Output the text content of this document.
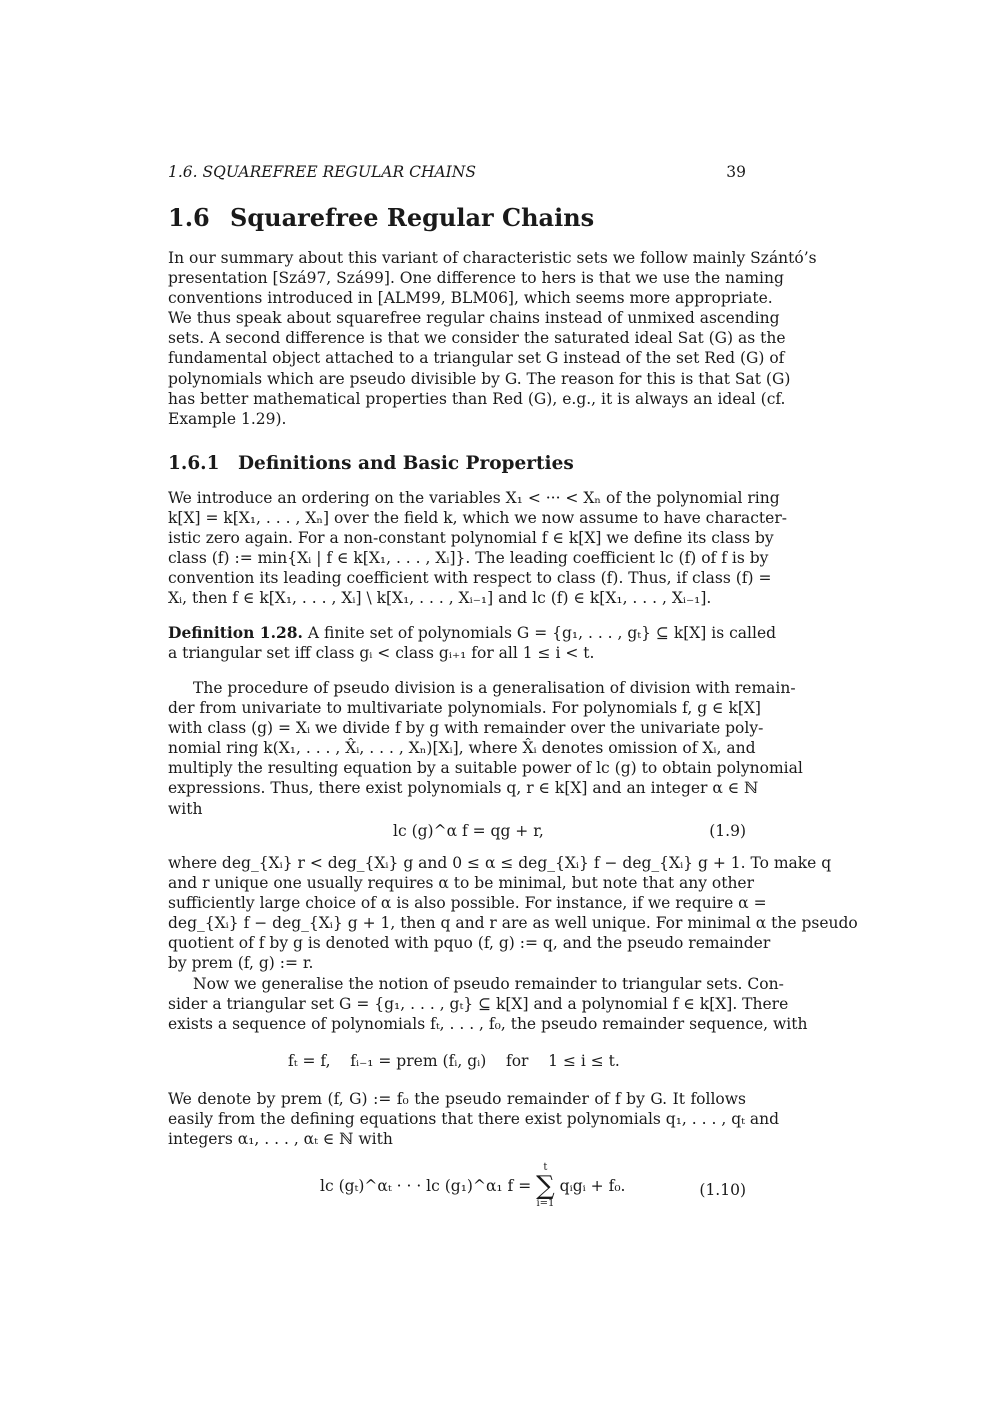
1.6. SQUAREFREE REGULAR CHAINS	39
1.6 Squarefree Regular Chains
In our summary about this variant of characteristic sets we follow mainly Szántó’s
presentation [Szá97, Szá99]. One difference to hers is that we use the naming
conventions introduced in [ALM99, BLM06], which seems more appropriate.
We thus speak about squarefree regular chains instead of unmixed ascending
sets. A second difference is that we consider the saturated ideal Sat (G) as the
fundamental object attached to a triangular set G instead of the set Red (G) of
polynomials which are pseudo divisible by G. The reason for this is that Sat (G)
has better mathematical properties than Red (G), e.g., it is always an ideal (cf.
Example 1.29).
1.6.1 Definitions and Basic Properties
We introduce an ordering on the variables X₁ < ··· < Xₙ of the polynomial ring
k[X] = k[X₁, . . . , Xₙ] over the field k, which we now assume to have character-
istic zero again. For a non-constant polynomial f ∈ k[X] we define its class by
class (f) := min{Xᵢ | f ∈ k[X₁, . . . , Xᵢ]}. The leading coefficient lc (f) of f is by
convention its leading coefficient with respect to class (f). Thus, if class (f) =
Xᵢ, then f ∈ k[X₁, . . . , Xᵢ] \ k[X₁, . . . , Xᵢ₋₁] and lc (f) ∈ k[X₁, . . . , Xᵢ₋₁].
Definition 1.28. A finite set of polynomials G = {g₁, . . . , gₜ} ⊆ k[X] is called
a triangular set iff class gᵢ < class gᵢ₊₁ for all 1 ≤ i < t.
The procedure of pseudo division is a generalisation of division with remain-
der from univariate to multivariate polynomials. For polynomials f, g ∈ k[X]
with class (g) = Xᵢ we divide f by g with remainder over the univariate poly-
nomial ring k(X₁, . . . , X̂ᵢ, . . . , Xₙ)[Xᵢ], where X̂ᵢ denotes omission of Xᵢ, and
multiply the resulting equation by a suitable power of lc (g) to obtain polynomial
expressions. Thus, there exist polynomials q, r ∈ k[X] and an integer α ∈ ℕ
with
lc (g)^α f = qg + r,	(1.9)
where deg_{Xᵢ} r < deg_{Xᵢ} g and 0 ≤ α ≤ deg_{Xᵢ} f − deg_{Xᵢ} g + 1. To make q
and r unique one usually requires α to be minimal, but note that any other
sufficiently large choice of α is also possible. For instance, if we require α =
deg_{Xᵢ} f − deg_{Xᵢ} g + 1, then q and r are as well unique. For minimal α the pseudo
quotient of f by g is denoted with pquo (f, g) := q, and the pseudo remainder
by prem (f, g) := r.
Now we generalise the notion of pseudo remainder to triangular sets. Con-
sider a triangular set G = {g₁, . . . , gₜ} ⊆ k[X] and a polynomial f ∈ k[X]. There
exists a sequence of polynomials fₜ, . . . , f₀, the pseudo remainder sequence, with
fₜ = f,    fᵢ₋₁ = prem (fᵢ, gᵢ)    for    1 ≤ i ≤ t.
We denote by prem (f, G) := f₀ the pseudo remainder of f by G. It follows
easily from the defining equations that there exist polynomials q₁, . . . , qₜ and
integers α₁, . . . , αₜ ∈ ℕ with
lc (gₜ)^αₜ · · · lc (g₁)^α₁ f =
t
∑
i=1
qᵢgᵢ + f₀.	(1.10)
